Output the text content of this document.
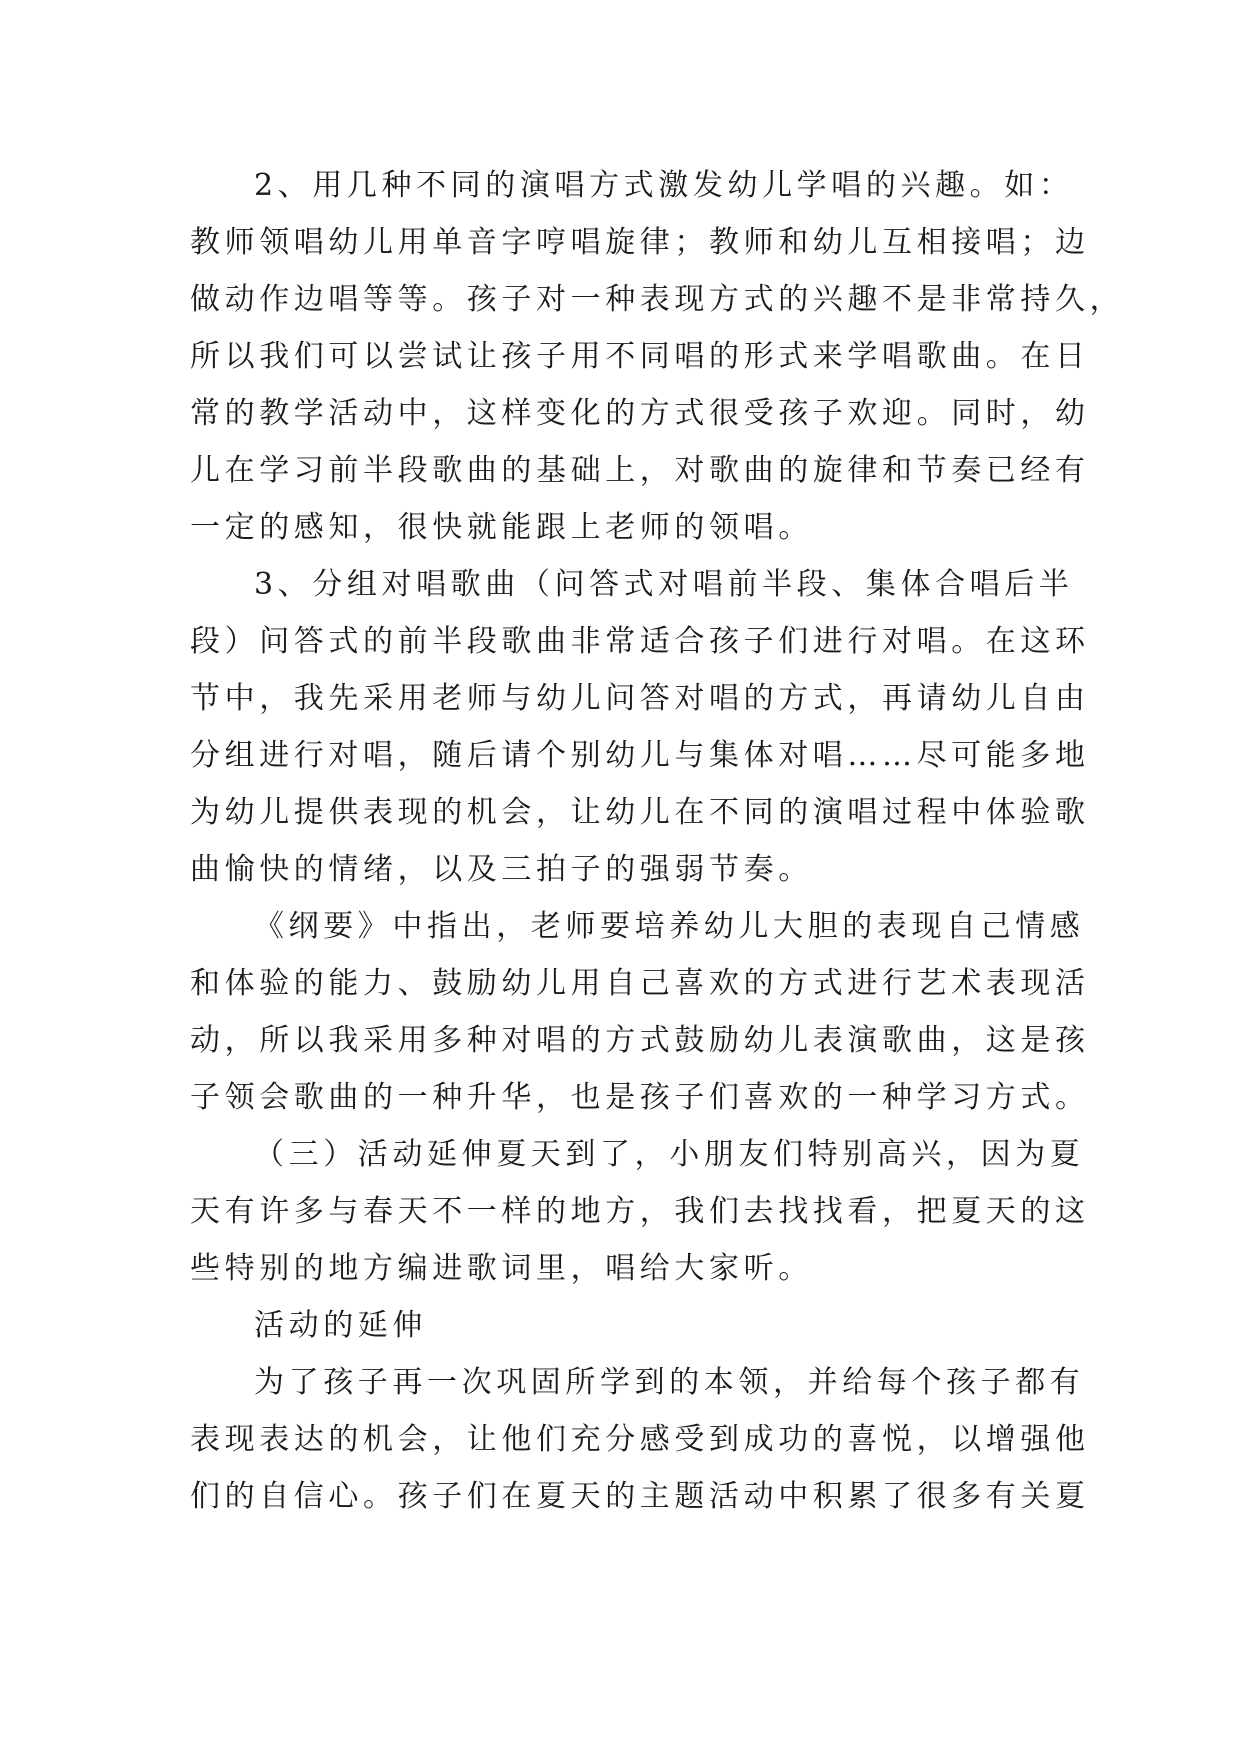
2、用几种不同的演唱方式激发幼儿学唱的兴趣。如：

教师领唱幼儿用单音字哼唱旋律；教师和幼儿互相接唱；边

做动作边唱等等。孩子对一种表现方式的兴趣不是非常持久，

所以我们可以尝试让孩子用不同唱的形式来学唱歌曲。在日

常的教学活动中，这样变化的方式很受孩子欢迎。同时，幼

儿在学习前半段歌曲的基础上，对歌曲的旋律和节奏已经有

一定的感知，很快就能跟上老师的领唱。

3、分组对唱歌曲（问答式对唱前半段、集体合唱后半

段）问答式的前半段歌曲非常适合孩子们进行对唱。在这环

节中，我先采用老师与幼儿问答对唱的方式，再请幼儿自由

分组进行对唱，随后请个别幼儿与集体对唱……尽可能多地

为幼儿提供表现的机会，让幼儿在不同的演唱过程中体验歌

曲愉快的情绪，以及三拍子的强弱节奏。

《纲要》中指出，老师要培养幼儿大胆的表现自己情感

和体验的能力、鼓励幼儿用自己喜欢的方式进行艺术表现活

动，所以我采用多种对唱的方式鼓励幼儿表演歌曲，这是孩

子领会歌曲的一种升华，也是孩子们喜欢的一种学习方式。

（三）活动延伸夏天到了，小朋友们特别高兴，因为夏

天有许多与春天不一样的地方，我们去找找看，把夏天的这

些特别的地方编进歌词里，唱给大家听。

活动的延伸

为了孩子再一次巩固所学到的本领，并给每个孩子都有

表现表达的机会，让他们充分感受到成功的喜悦，以增强他

们的自信心。孩子们在夏天的主题活动中积累了很多有关夏
